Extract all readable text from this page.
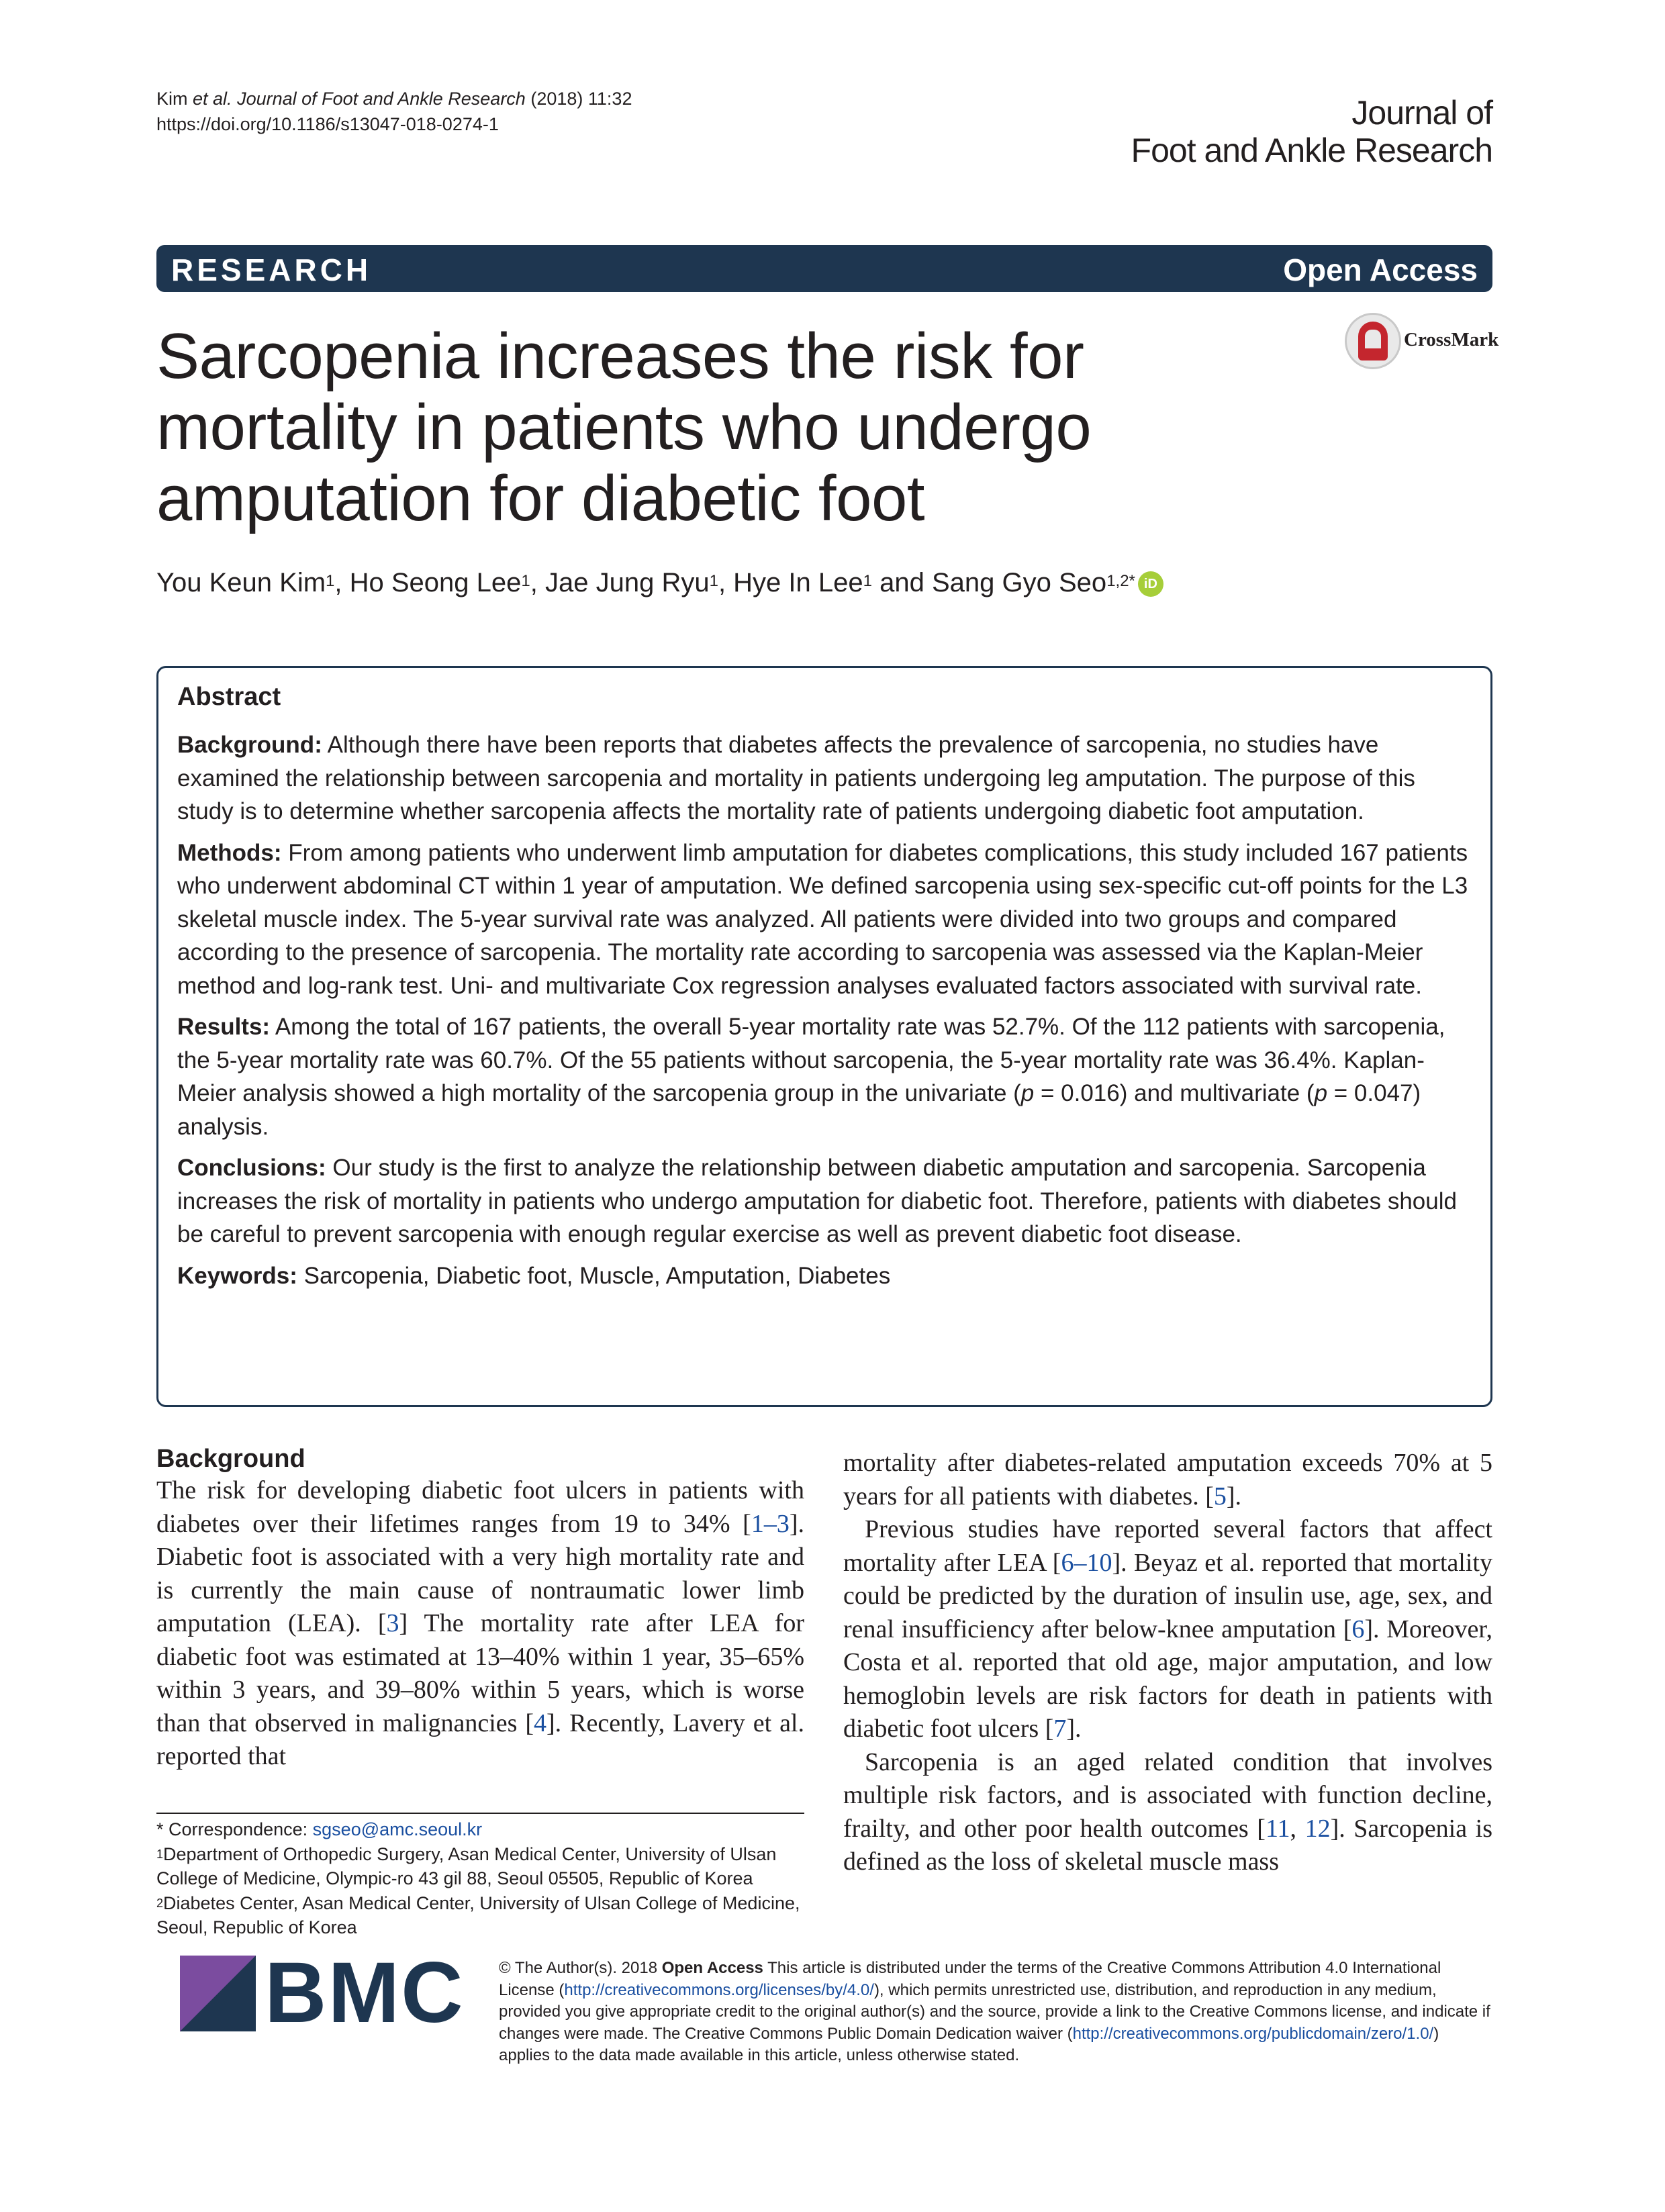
Kim et al. Journal of Foot and Ankle Research (2018) 11:32
https://doi.org/10.1186/s13047-018-0274-1	Journal of
Foot and Ankle Research
RESEARCH	Open Access
CrossMark
Sarcopenia increases the risk for mortality in patients who undergo amputation for diabetic foot
You Keun Kim$^1$, Ho Seong Lee$^1$, Jae Jung Ryu$^1$, Hye In Lee$^1$ and Sang Gyo Seo$^{1,2*}$ iD
Abstract

Background: Although there have been reports that diabetes affects the prevalence of sarcopenia, no studies have examined the relationship between sarcopenia and mortality in patients undergoing leg amputation. The purpose of this study is to determine whether sarcopenia affects the mortality rate of patients undergoing diabetic foot amputation.

Methods: From among patients who underwent limb amputation for diabetes complications, this study included 167 patients who underwent abdominal CT within 1 year of amputation. We defined sarcopenia using sex-specific cut-off points for the L3 skeletal muscle index. The 5-year survival rate was analyzed. All patients were divided into two groups and compared according to the presence of sarcopenia. The mortality rate according to sarcopenia was assessed via the Kaplan-Meier method and log-rank test. Uni- and multivariate Cox regression analyses evaluated factors associated with survival rate.

Results: Among the total of 167 patients, the overall 5-year mortality rate was 52.7%. Of the 112 patients with sarcopenia, the 5-year mortality rate was 60.7%. Of the 55 patients without sarcopenia, the 5-year mortality rate was 36.4%. Kaplan-Meier analysis showed a high mortality of the sarcopenia group in the univariate (p = 0.016) and multivariate (p = 0.047) analysis.

Conclusions: Our study is the first to analyze the relationship between diabetic amputation and sarcopenia. Sarcopenia increases the risk of mortality in patients who undergo amputation for diabetic foot. Therefore, patients with diabetes should be careful to prevent sarcopenia with enough regular exercise as well as prevent diabetic foot disease.

Keywords: Sarcopenia, Diabetic foot, Muscle, Amputation, Diabetes

Background

The risk for developing diabetic foot ulcers in patients with diabetes over their lifetimes ranges from 19 to 34% [1–3]. Diabetic foot is associated with a very high mortality rate and is currently the main cause of nontraumatic lower limb amputation (LEA). [3] The mortality rate after LEA for diabetic foot was estimated at 13–40% within 1 year, 35–65% within 3 years, and 39–80% within 5 years, which is worse than that observed in malignancies [4]. Recently, Lavery et al. reported that

mortality after diabetes-related amputation exceeds 70% at 5 years for all patients with diabetes. [5].

Previous studies have reported several factors that affect mortality after LEA [6–10]. Beyaz et al. reported that mortality could be predicted by the duration of insulin use, age, sex, and renal insufficiency after below-knee amputation [6]. Moreover, Costa et al. reported that old age, major amputation, and low hemoglobin levels are risk factors for death in patients with diabetic foot ulcers [7].

Sarcopenia is an aged related condition that involves multiple risk factors, and is associated with function decline, frailty, and other poor health outcomes [11, 12]. Sarcopenia is defined as the loss of skeletal muscle mass

* Correspondence: sgseo@amc.seoul.kr
$^1$Department of Orthopedic Surgery, Asan Medical Center, University of Ulsan College of Medicine, Olympic-ro 43 gil 88, Seoul 05505, Republic of Korea
$^2$Diabetes Center, Asan Medical Center, University of Ulsan College of Medicine, Seoul, Republic of Korea
BMC © The Author(s). 2018 Open Access This article is distributed under the terms of the Creative Commons Attribution 4.0 International License (http://creativecommons.org/licenses/by/4.0/), which permits unrestricted use, distribution, and reproduction in any medium, provided you give appropriate credit to the original author(s) and the source, provide a link to the Creative Commons license, and indicate if changes were made. The Creative Commons Public Domain Dedication waiver (http://creativecommons.org/publicdomain/zero/1.0/) applies to the data made available in this article, unless otherwise stated.
